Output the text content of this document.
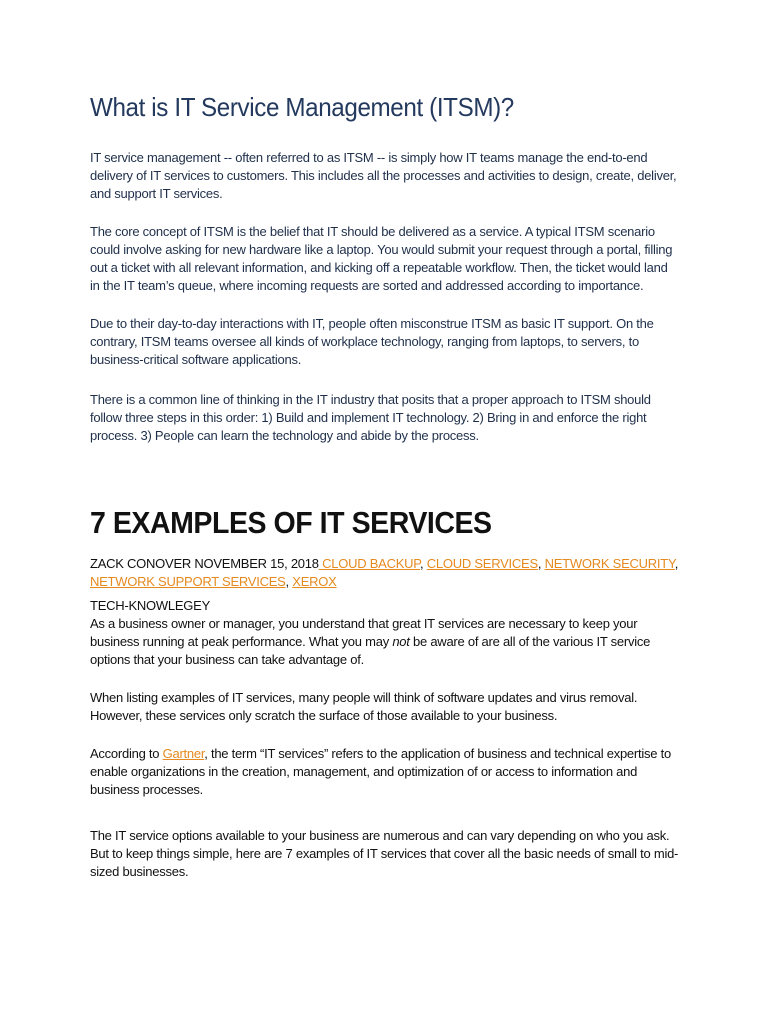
What is IT Service Management (ITSM)?

IT service management -- often referred to as ITSM -- is simply how IT teams manage the end-to-end delivery of IT services to customers. This includes all the processes and activities to design, create, deliver, and support IT services.

The core concept of ITSM is the belief that IT should be delivered as a service. A typical ITSM scenario could involve asking for new hardware like a laptop. You would submit your request through a portal, filling out a ticket with all relevant information, and kicking off a repeatable workflow. Then, the ticket would land in the IT team’s queue, where incoming requests are sorted and addressed according to importance.

Due to their day-to-day interactions with IT, people often misconstrue ITSM as basic IT support. On the contrary, ITSM teams oversee all kinds of workplace technology, ranging from laptops, to servers, to business-critical software applications.

There is a common line of thinking in the IT industry that posits that a proper approach to ITSM should follow three steps in this order: 1) Build and implement IT technology. 2) Bring in and enforce the right process. 3) People can learn the technology and abide by the process.

7 EXAMPLES OF IT SERVICES

ZACK CONOVER NOVEMBER 15, 2018 CLOUD BACKUP, CLOUD SERVICES, NETWORK SECURITY, NETWORK SUPPORT SERVICES, XEROX

TECH-KNOWLEGEY

As a business owner or manager, you understand that great IT services are necessary to keep your business running at peak performance. What you may not be aware of are all of the various IT service options that your business can take advantage of.

When listing examples of IT services, many people will think of software updates and virus removal. However, these services only scratch the surface of those available to your business.

According to Gartner, the term “IT services” refers to the application of business and technical expertise to enable organizations in the creation, management, and optimization of or access to information and business processes.

The IT service options available to your business are numerous and can vary depending on who you ask. But to keep things simple, here are 7 examples of IT services that cover all the basic needs of small to mid-sized businesses.
